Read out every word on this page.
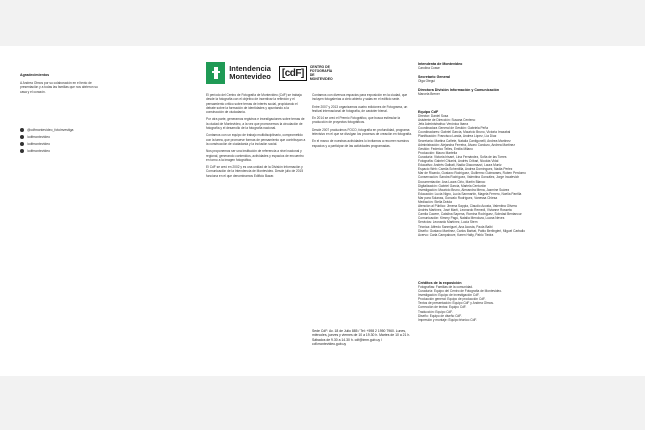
Agradecimientos
A Andrea Olmos por su colaboración en el texto de presentación y a todas las familias que nos abrieron su casa y el corazón.
@cdfmontevideo_fotoinvestiga
/cdfmontevideo
/cdfmontevideo
/cdfmontevideo
Intendencia
Montevideo	[cdF]
CENTRO DE
FOTOGRAFÍA
DE MONTEVIDEO

El período del Centro de Fotografía de Montevideo (CdF) se trabaja desde la fotografía con el objetivo de incentivar la reflexión y el pensamiento crítico sobre temas de interés social, propiciando el debate sobre la formación de identidades y apuntando a la construcción de ciudadanía.

Por otra parte, generamos registros e investigaciones sobre temas de la ciudad de Montevideo, a la vez que promovemos la circulación de fotografía y el desarrollo de la fotografía nacional.

Contamos con un equipo de trabajo multidisciplinario, comprometido con la tarea, que promueve formas de pensamiento que contribuyan a la construcción de ciudadanía y la inclusión social.

Nos proponemos ser una institución de referencia a nivel nacional y regional, generando contenidos, actividades y espacios de encuentro en torno a la imagen fotográfica.

El CdF se creó en 2002 y es una unidad de la División Información y Comunicación de la Intendencia de Montevideo. Desde julio de 2015 funciona en el que denominamos Edificio Bazar.

Contamos con diversos espacios para exposición en la ciudad, que incluyen fotogalerías a cielo abierto y salas en el edificio sede.

Entre 2007 y 2013 organizamos cuatro ediciones de Fotograma, un festival internacional de fotografía, de carácter bienal.

En 2014 se creó el Premio Fotográfico, que busca estimular la producción de proyectos fotográficos.

Desde 2007 producimos FOCO, fotografía en profundidad, programa televisivo en el que se divulgan los procesos de creación en fotografía.

En el marco de nuestras actividades lo invitamos a recorrer nuestros espacios y a participar de las actividades programadas.

Sede CdF: Av. 18 de Julio 885 / Tel: +598 2 1950 7960. Lunes, miércoles, jueves y viernes de 10 a 19.30 h. Martes de 10 a 21 h. Sábados de 9.30 a 14.30 h. cdf@imm.gub.uy / cdf.montevideo.gub.uy
Intendenta de Montevideo
Carolina Cosse
Secretario General
Olga Otegui
Directora División Información y Comunicación
Marcela Brener
Equipo CdF
Director: Daniel Sosa
Asistente de Dirección: Susana Centeno
Jefa Administrativa: Verónica Ibarra
Coordinadora General de Gestión: Gabriela Peña
Coordinadores: Gabriel García, Mauricio Bruno, Victoria Irrazabal
Planificación: Francisco Landa, Andrea López, Lía Díaz
Secretaría: Martina Cañete, Natalia Cantigonelli, Andrea Martínez
Administración: Alejandra Ferreira, Álvaro Cardozo, Andrea Martínez
Gestión: Federico Telles, Emilia Milano
Producción: Mauro Martella
Curaduría: Victoria Irisarri, Lina Fernández, Sofía de las Torres
Fotografía: Gabriel Chiarini, Andrés Cribari, Nicolás Vidal
Educativo: Andrés Galbati, Nadia Giacomazzi, Laura Muniz
Espacio Web: Camila Scherdilla, Andrea Domínguez, Nadia Perlez
Mar de Ricardo, Gustavo Rodríguez, Guillermo Guimaraes, Ruben Perdomo
Conservación: Sandra Rodríguez, Valentina González, Jorge Incalevich
Documentación: Ana Laura Cirio, Martín Blanco
Digitalización: Gabriel García, Mariela Centurión
Investigación: Mauricio Bruno, Alexandra Mena, Jazmine Suárez
Educación: Lucía Nigro, Lucía Sanmartín, Magela Ferrero, Noelia Parrilla
Mar para Solanas, Gonzalo Rodríguez, Vanessa Chiesa
Mediación: Stella Dráda
Atención al Público: Jimena Sappia, Claudio Acosta, Valentina Olivera
Andrés Martínez, José Martí, Leonardo Remedi, Vivianne Rosseta
Camila Cacere, Catalina Sapena, Romina Rodríguez, Soledad Bentancur
Comunicación: Kimmy Pagú, Natalia Mendoza, Luana Neves
Servicios: Leonardo Martínez, Lucía Stern
Técnica: Alfredo Sanmiguel, Ana Acosta, Paola Balbi
Diseño: Gustavo Martínez, Carlos Barbat, Pablo Berlingieri, Miguel Carballo
Acervo: Carla Campabove, Karen Halty, Pablo Tiedra
Créditos de la exposición
Fotografías: Familias de la comunidad.
Curaduría: Equipo del Centro de Fotografía de Montevideo.
Investigación: Equipo de investigación CdF.
Producción general: Equipo de producción CdF.
Textos de presentación: Equipo CdF y Andrea Olmos.
Corrección de textos: Equipo CdF.
Traducción: Equipo CdF.
Diseño: Equipo de diseño CdF.
Impresión y montaje: Equipo técnico CdF.
